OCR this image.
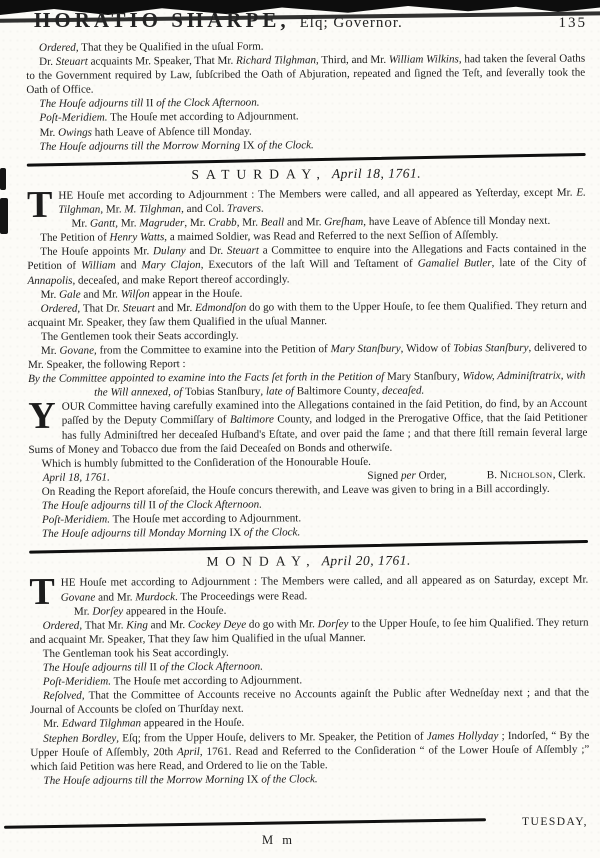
HORATIO SHARPE, Eſq; Governor.	135

Ordered, That they be Qualified in the uſual Form.

Dr. Steuart acquaints Mr. Speaker, That Mr. Richard Tilghman, Third, and Mr. William Wilkins, had taken the ſeveral Oaths to the Government required by Law, ſubſcribed the Oath of Abjuration, repeated and ſigned the Teſt, and ſeverally took the Oath of Office.

The Houſe adjourns till II of the Clock Afternoon.

Poſt-Meridiem. The Houſe met according to Adjournment.

Mr. Owings hath Leave of Abſence till Monday.

The Houſe adjourns till the Morrow Morning IX of the Clock.

SATURDAY, April 18, 1761.

THE Houſe met according to Adjournment : The Members were called, and all appeared as Yeſterday, except Mr. E. Tilghman, Mr. M. Tilghman, and Col. Travers.

Mr. Gantt, Mr. Magruder, Mr. Crabb, Mr. Beall and Mr. Greſham, have Leave of Abſence till Monday next.

The Petition of Henry Watts, a maimed Soldier, was Read and Referred to the next Seſſion of Aſſembly.

The Houſe appoints Mr. Dulany and Dr. Steuart a Committee to enquire into the Allegations and Facts contained in the Petition of William and Mary Clajon, Executors of the laſt Will and Teſtament of Gamaliel Butler, late of the City of Annapolis, deceaſed, and make Report thereof accordingly.

Mr. Gale and Mr. Wilſon appear in the Houſe.

Ordered, That Dr. Steuart and Mr. Edmondſon do go with them to the Upper Houſe, to ſee them Qualified. They return and acquaint Mr. Speaker, they ſaw them Qualified in the uſual Manner.

The Gentlemen took their Seats accordingly.

Mr. Govane, from the Committee to examine into the Petition of Mary Stanſbury, Widow of Tobias Stanſbury, delivered to Mr. Speaker, the following Report :

By the Committee appointed to examine into the Facts ſet forth in the Petition of Mary Stanſbury, Widow, Adminiſtratrix, with the Will annexed, of Tobias Stanſbury, late of Baltimore County, deceaſed.

YOUR Committee having carefully examined into the Allegations contained in the ſaid Petition, do find, by an Account paſſed by the Deputy Commiſſary of Baltimore County, and lodged in the Prerogative Office, that the ſaid Petitioner has fully Adminiſtred her deceaſed Huſband's Eſtate, and over paid the ſame ; and that there ſtill remain ſeveral large Sums of Money and Tobacco due from the ſaid Deceaſed on Bonds and otherwiſe.

Which is humbly ſubmitted to the Conſideration of the Honourable Houſe.

April 18, 1761.	Signed per Order,	B. Nicholson, Clerk.

On Reading the Report aforeſaid, the Houſe concurs therewith, and Leave was given to bring in a Bill accordingly.

The Houſe adjourns till II of the Clock Afternoon.

Poſt-Meridiem. The Houſe met according to Adjournment.

The Houſe adjourns till Monday Morning IX of the Clock.

MONDAY, April 20, 1761.

THE Houſe met according to Adjournment : The Members were called, and all appeared as on Saturday, except Mr. Govane and Mr. Murdock. The Proceedings were Read.

Mr. Dorſey appeared in the Houſe.

Ordered, That Mr. King and Mr. Cockey Deye do go with Mr. Dorſey to the Upper Houſe, to ſee him Qualified. They return and acquaint Mr. Speaker, That they ſaw him Qualified in the uſual Manner.

The Gentleman took his Seat accordingly.

The Houſe adjourns till II of the Clock Afternoon.

Poſt-Meridiem. The Houſe met according to Adjournment.

Reſolved, That the Committee of Accounts receive no Accounts againſt the Public after Wedneſday next ; and that the Journal of Accounts be cloſed on Thurſday next.

Mr. Edward Tilghman appeared in the Houſe.

Stephen Bordley, Eſq; from the Upper Houſe, delivers to Mr. Speaker, the Petition of James Hollyday ; Indorſed, “ By the Upper Houſe of Aſſembly, 20th April, 1761. Read and Referred to the Conſideration “ of the Lower Houſe of Aſſembly ;” which ſaid Petition was here Read, and Ordered to lie on the Table.

The Houſe adjourns till the Morrow Morning IX of the Clock.

TUESDAY,
M m
